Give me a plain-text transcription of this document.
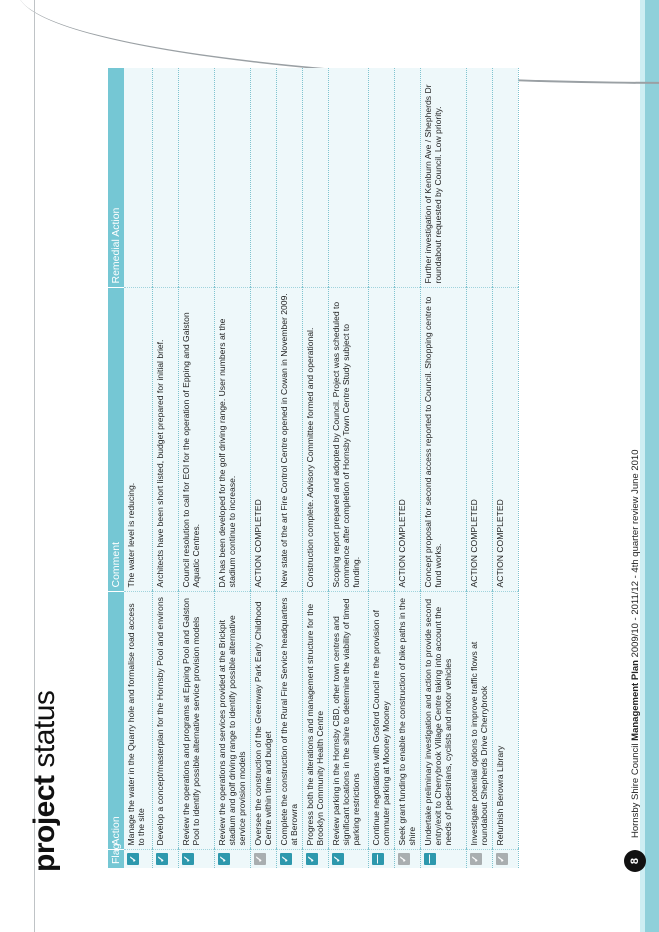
project status
Flag	Action	Comment	Remedial Action

✓	Manage the water in the Quarry hole and formalise road access to the site	The water level is reducing.	

✓	Develop a concept/masterplan for the Hornsby Pool and environs	Architects have been short listed, budget prepared for initial brief.	

✓	Review the operations and programs at Epping Pool and Galston Pool to identify possible alternative service provision models	Council resolution to call for EOI for the operation of Epping and Galston Aquatic Centres.	

✓	Review the operations and services provided at the Brickpit stadium and golf driving range to identify possible alternative service provision models	DA has been developed for the golf driving range. User numbers at the stadium continue to increase.	

✓	Oversee the construction of the Greenway Park Early Childhood Centre within time and budget	ACTION COMPLETED	

✓	Complete the construction of the Rural Fire Service headquarters at Berowra	New state of the art Fire Control Centre opened in Cowan in November 2009.	

✓	Progress both the alterations and management structure for the Brooklyn Community Health Centre	Construction complete. Advisory Committee formed and operational.	

✓	Review parking in the Hornsby CBD, other town centres and significant locations in the shire to determine the viability of timed parking restrictions	Scoping report prepared and adopted by Council. Project was scheduled to commence after completion of Hornsby Town Centre Study subject to funding.	

—	Continue negotiations with Gosford Council re the provision of commuter parking at Mooney Mooney		

✓	Seek grant funding to enable the construction of bike paths in the shire	ACTION COMPLETED	

—	Undertake preliminary investigation and action to provide second entry/exit to Cherrybrook Village Centre taking into account the needs of pedestrians, cyclists and motor vehicles	Concept proposal for second access reported to Council. Shopping centre to fund works.	Further investigation of Kenburn Ave / Shepherds Dr roundabout requested by Council. Low priority.

✓	Investigate potential options to improve traffic flows at roundabout Shepherds Drive Cherrybrook	ACTION COMPLETED	

✓	Refurbish Berowra Library	ACTION COMPLETED	
8
Hornsby Shire Council Management Plan 2009/10 - 2011/12 - 4th quarter review June 2010
